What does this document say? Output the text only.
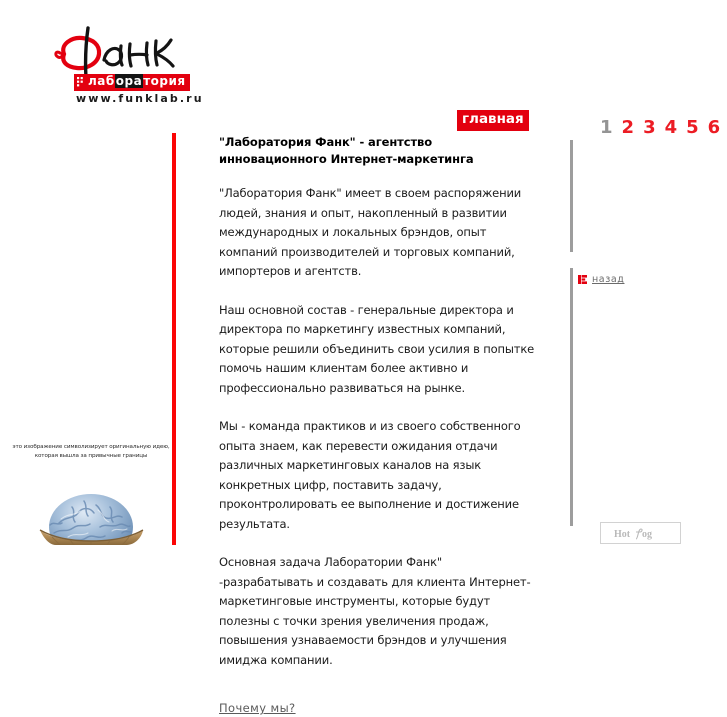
лаборатория
www.funklab.ru
главная	1 2 3 4 5 6
назад
"Лаборатория Фанк" - агентство инновационного Интернет-маркетинга

"Лаборатория Фанк" имеет в своем распоряжении людей, знания и опыт, накопленный в развитии международных и локальных брэндов, опыт компаний производителей и торговых компаний, импортеров и агентств.

Наш основной состав - генеральные директора и директора по маркетингу известных компаний, которые решили объединить свои усилия в попытке помочь нашим клиентам более активно и профессионально развиваться на рынке.

Мы - команда практиков и из своего собственного опыта знаем, как перевести ожидания отдачи различных маркетинговых каналов на язык конкретных цифр, поставить задачу, проконтролировать ее выполнение и достижение результата.

Основная задача Лаборатории Фанк" -разрабатывать и создавать для клиента Интернет-маркетинговые инструменты, которые будут полезны с точки зрения увеличения продаж, повышения узнаваемости брэндов и улучшения имиджа компании.

Почему мы?
это изображение символизирует оригинальную идею, которая вышла за привычные границы
Hot og
